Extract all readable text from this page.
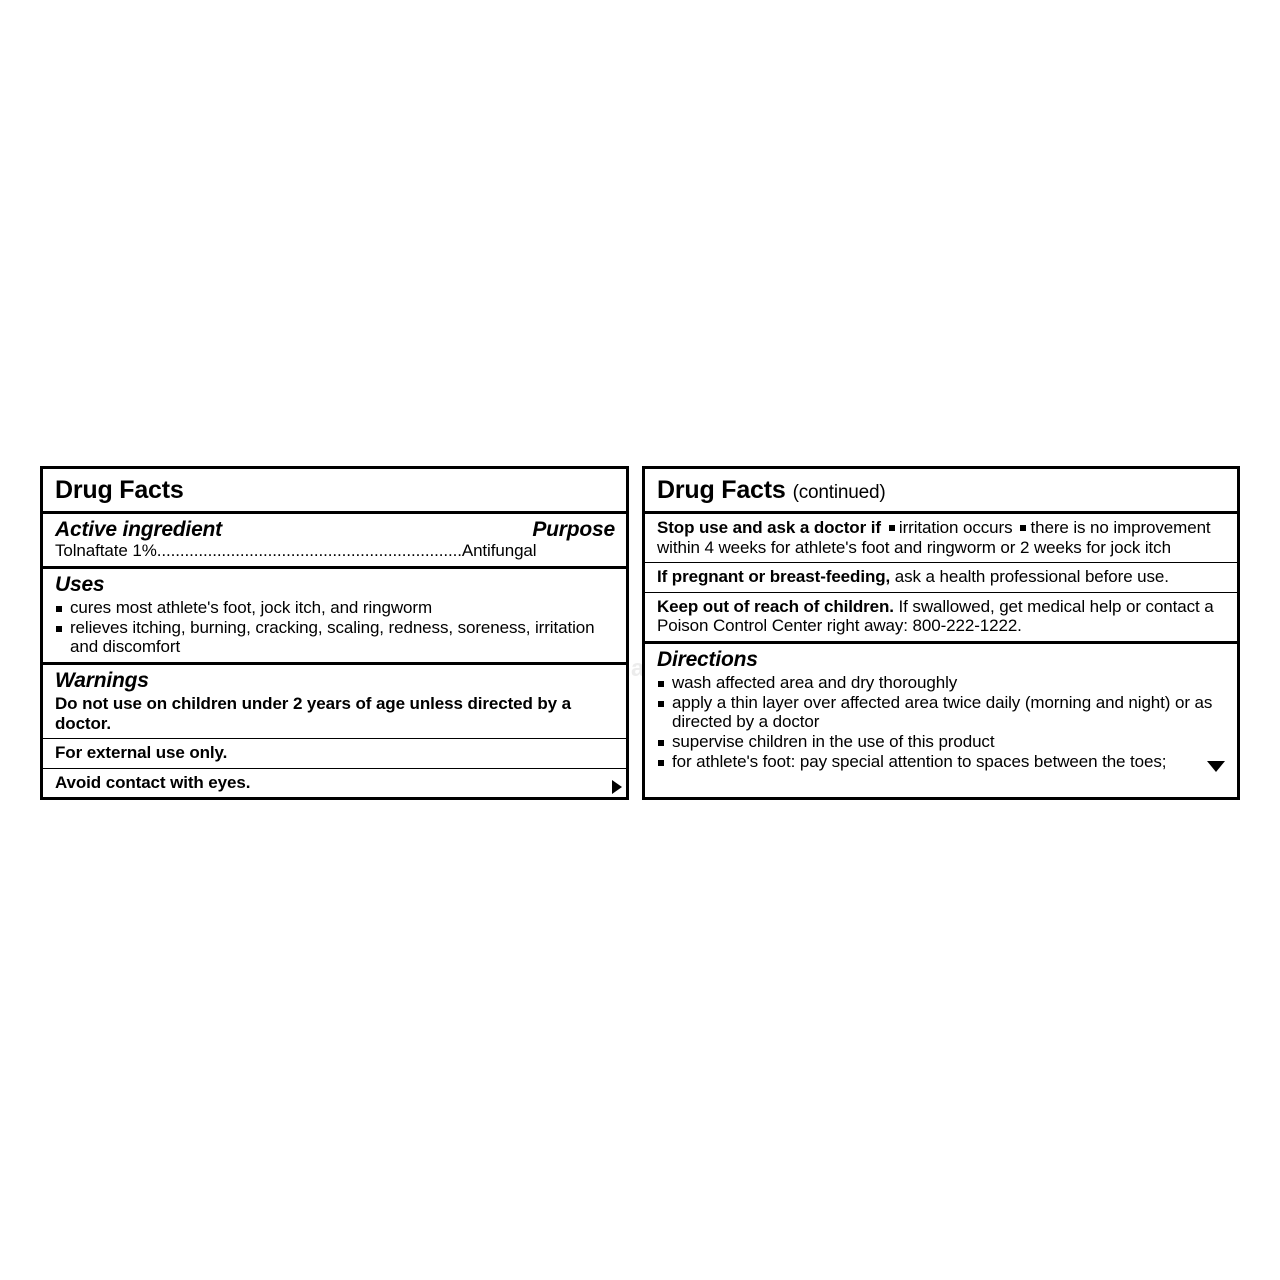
Drug Facts
Active ingredient	Purpose
Tolnaftate 1%..................................................................Antifungal
Uses
cures most athlete's foot, jock itch, and ringworm
relieves itching, burning, cracking, scaling, redness, soreness, irritation and discomfort
Warnings
Do not use on children under 2 years of age unless directed by a doctor.
For external use only.
Avoid contact with eyes.
Drug Facts (continued)
Stop use and ask a doctor if irritation occurs there is no improvement within 4 weeks for athlete's foot and ringworm or 2 weeks for jock itch
If pregnant or breast-feeding, ask a health professional before use.
Keep out of reach of children. If swallowed, get medical help or contact a Poison Control Center right away: 800-222-1222.
Directions
wash affected area and dry thoroughly
apply a thin layer over affected area twice daily (morning and night) or as directed by a doctor
supervise children in the use of this product
for athlete's foot: pay special attention to spaces between the toes;
